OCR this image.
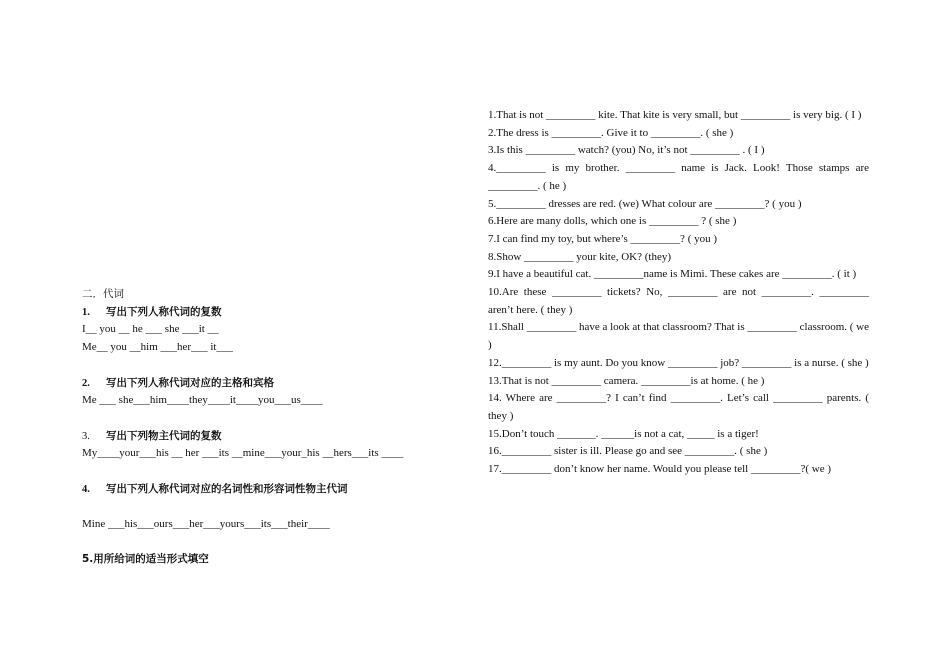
二．代词
1. 写出下列人称代词的复数
I__ you __ he ___ she ___it __
Me__ you __him ___her___ it___
2. 写出下列人称代词对应的主格和宾格
Me ___ she___him____they____it____you___us____
3. 写出下列物主代词的复数
My____your___his __ her ___its __mine___your_his __hers___its ____
4. 写出下列人称代词对应的名词性和形容词性物主代词
Mine ___his___ours___her___yours___its___their____
5.用所给词的适当形式填空
1.That is not _________ kite. That kite is very small, but _________ is very big. ( I )
2.The dress is _________. Give it to _________. ( she )
3.Is this _________ watch? (you) No, it’s not _________ . ( I )
4._________ is my brother. _________ name is Jack. Look! Those stamps are _________. ( he )
5._________ dresses are red. (we) What colour are _________? ( you )
6.Here are many dolls, which one is _________ ? ( she )
7.I can find my toy, but where’s _________? ( you )
8.Show _________ your kite, OK? (they)
9.I have a beautiful cat. _________name is Mimi. These cakes are _________. ( it )
10.Are these _________ tickets? No, _________ are not _________. _________ aren’t here. ( they )
11.Shall _________ have a look at that classroom? That is _________ classroom. ( we )
12._________ is my aunt. Do you know _________ job? _________ is a nurse. ( she )
13.That is not _________ camera. _________is at home. ( he )
14. Where are _________? I can’t find _________. Let’s call _________ parents. ( they )
15.Don’t touch _______. ______is not a cat, _____ is a tiger!
16._________ sister is ill. Please go and see _________. ( she )
17._________ don’t know her name. Would you please tell _________?( we )
